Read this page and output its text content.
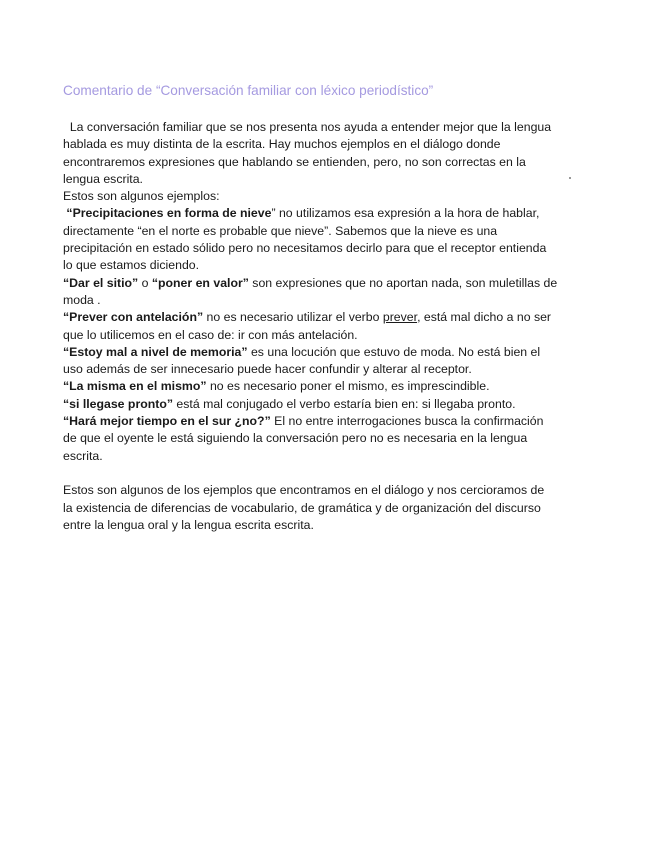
Comentario de “Conversación familiar con léxico periodístico”

La conversación familiar que se nos presenta nos ayuda a entender mejor que la lengua
hablada es muy distinta de la escrita. Hay muchos ejemplos en el diálogo donde
encontraremos expresiones que hablando se entienden, pero, no son correctas en la
lengua escrita.

Estos son algunos ejemplos:

“Precipitaciones en forma de nieve” no utilizamos esa expresión a la hora de hablar,
directamente “en el norte es probable que nieve”. Sabemos que la nieve es una
precipitación en estado sólido pero no necesitamos decirlo para que el receptor entienda
lo que estamos diciendo.

“Dar el sitio” o “poner en valor” son expresiones que no aportan nada, son muletillas de
moda .

“Prever con antelación” no es necesario utilizar el verbo prever, está mal dicho a no ser
que lo utilicemos en el caso de: ir con más antelación.

“Estoy mal a nivel de memoria” es una locución que estuvo de moda. No está bien el
uso además de ser innecesario puede hacer confundir y alterar al receptor.

“La misma en el mismo” no es necesario poner el mismo, es imprescindible.

“si llegase pronto” está mal conjugado el verbo estaría bien en: si llegaba pronto.

“Hará mejor tiempo en el sur ¿no?” El no entre interrogaciones busca la confirmación
de que el oyente le está siguiendo la conversación pero no es necesaria en la lengua
escrita.

Estos son algunos de los ejemplos que encontramos en el diálogo y nos cercioramos de
la existencia de diferencias de vocabulario, de gramática y de organización del discurso
entre la lengua oral y la lengua escrita escrita.
